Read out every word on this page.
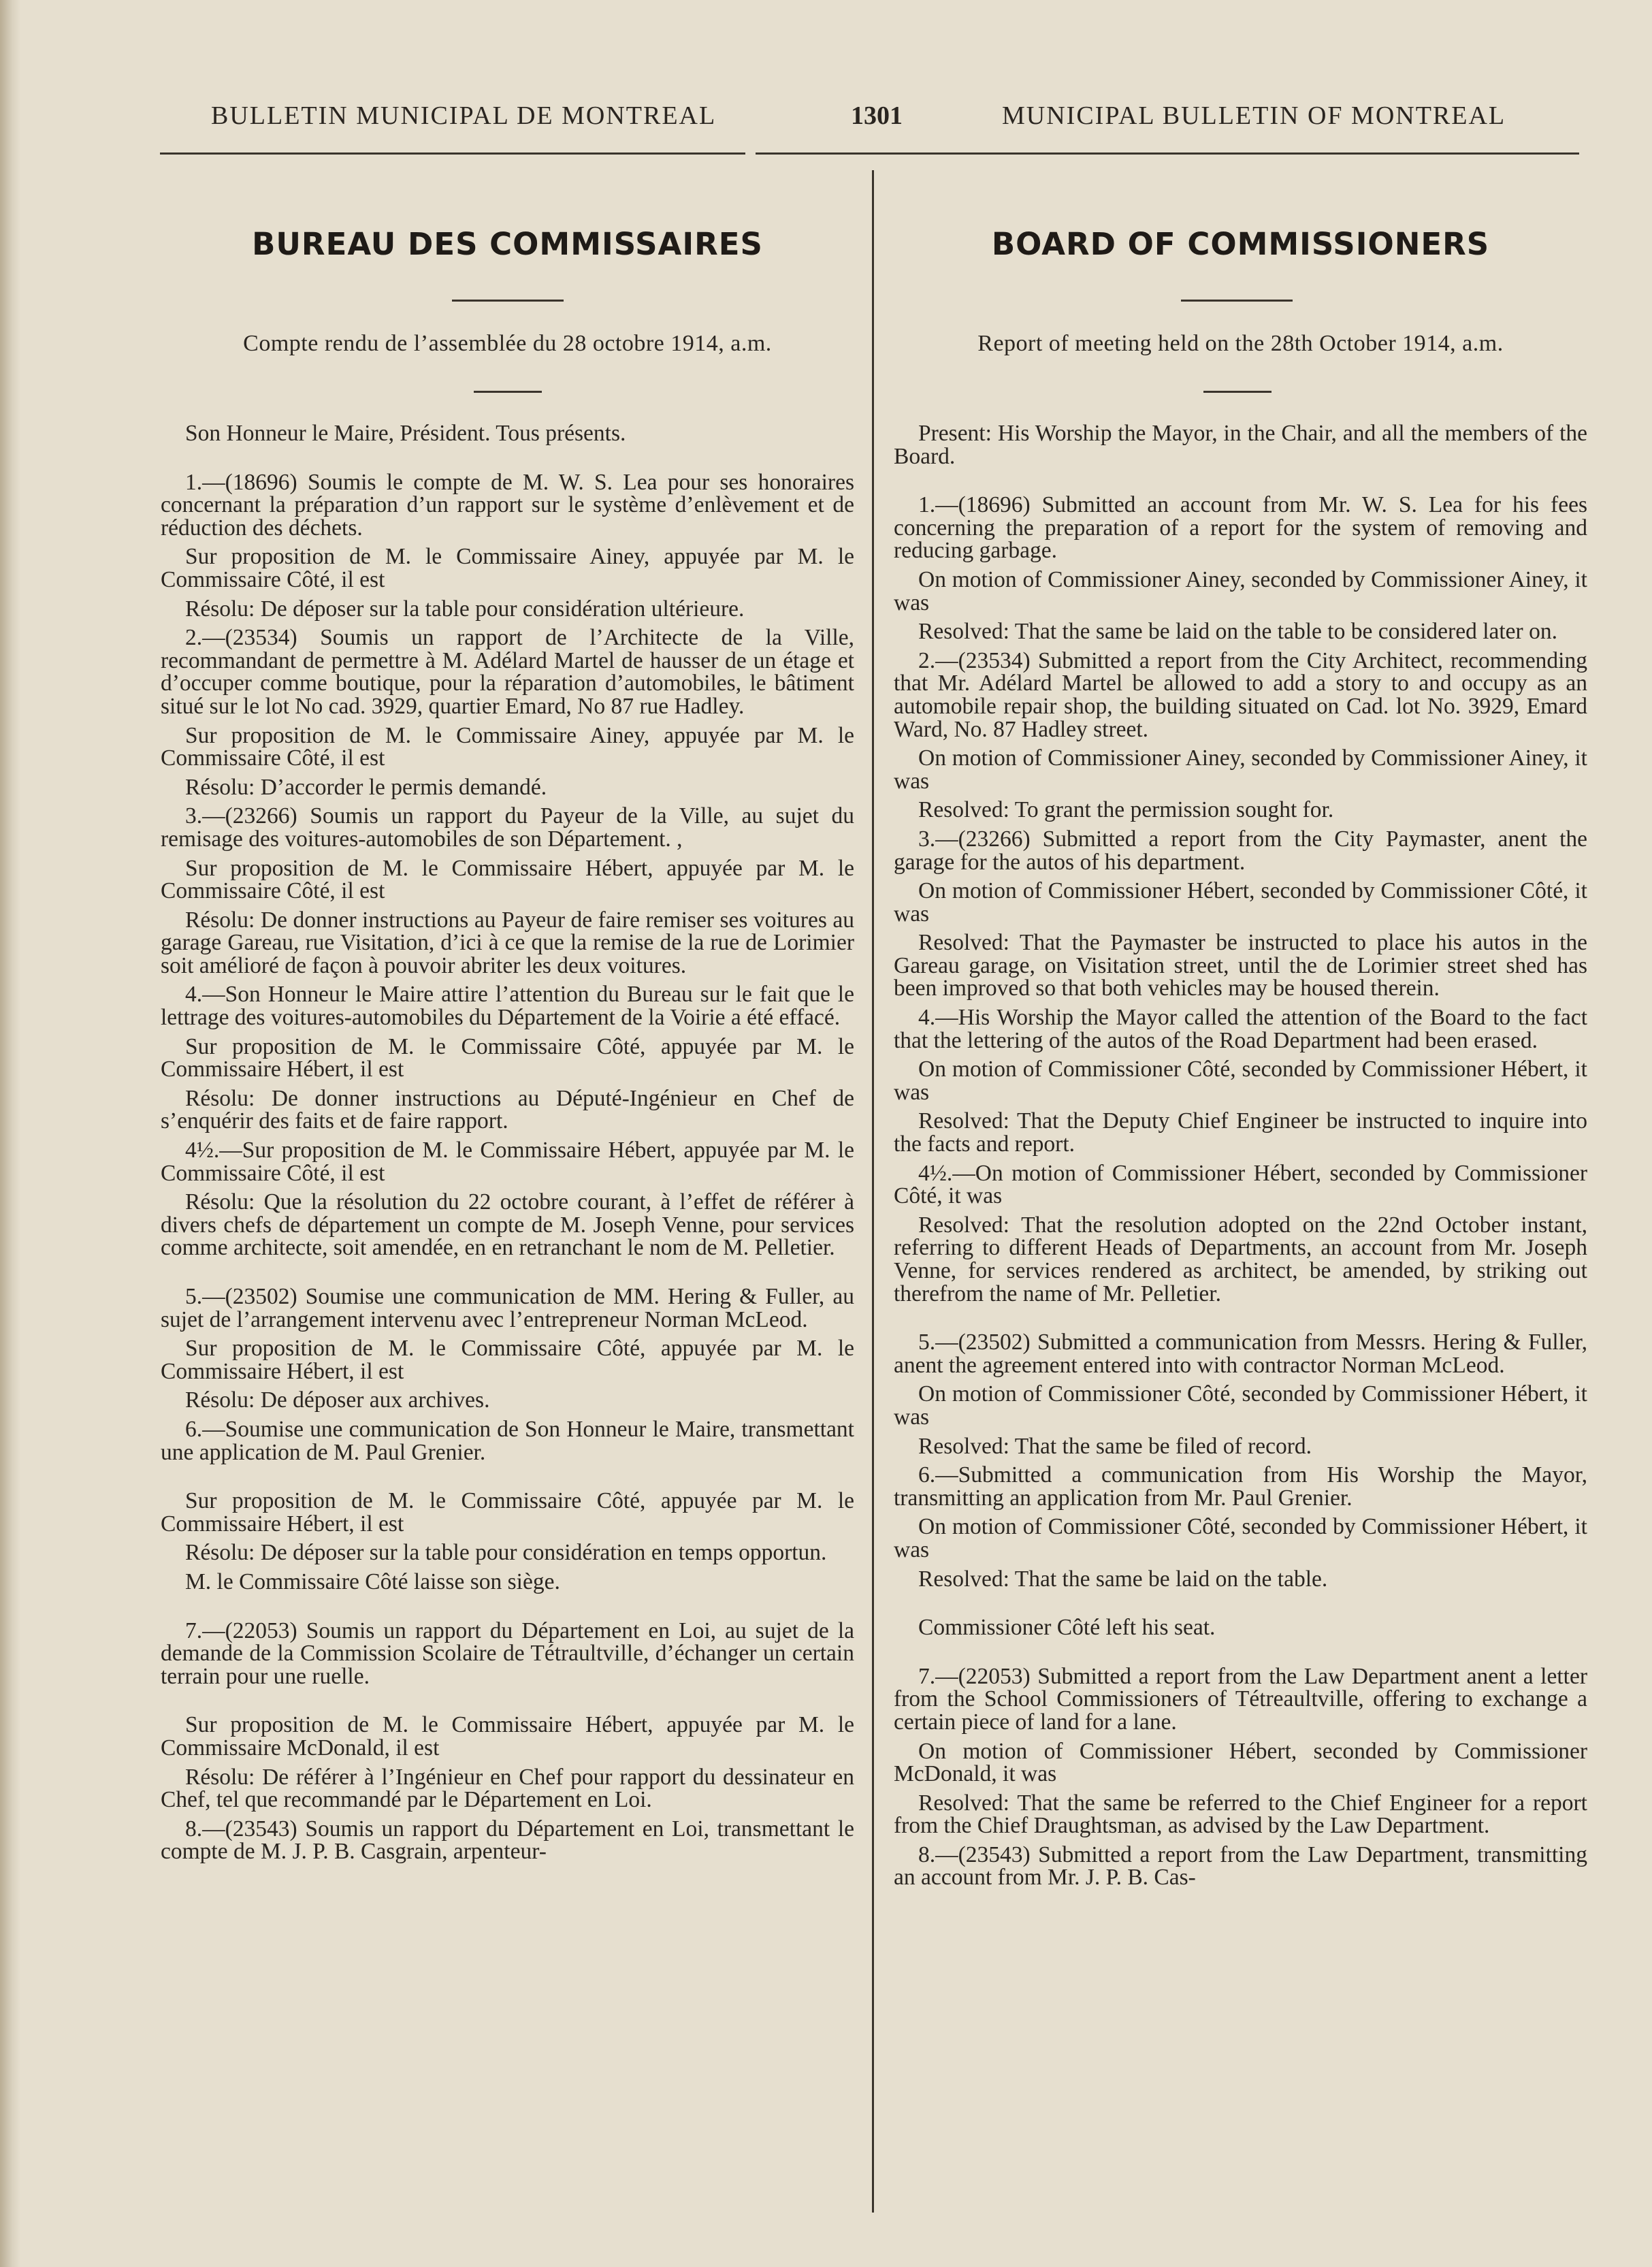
BULLETIN MUNICIPAL DE MONTREAL	1301	MUNICIPAL BULLETIN OF MONTREAL
BUREAU DES COMMISSAIRES
Compte rendu de l’assemblée du 28 octobre 1914, a.m.

Son Honneur le Maire, Président. Tous présents.

1.—(18696) Soumis le compte de M. W. S. Lea pour ses honoraires concernant la préparation d’un rapport sur le système d’enlèvement et de réduction des déchets.

Sur proposition de M. le Commissaire Ainey, appuyée par M. le Commissaire Côté, il est

Résolu: De déposer sur la table pour considération ultérieure.

2.—(23534) Soumis un rapport de l’Architecte de la Ville, recommandant de permettre à M. Adélard Martel de hausser de un étage et d’occuper comme boutique, pour la réparation d’automobiles, le bâtiment situé sur le lot No cad. 3929, quartier Emard, No 87 rue Hadley.

Sur proposition de M. le Commissaire Ainey, appuyée par M. le Commissaire Côté, il est

Résolu: D’accorder le permis demandé.

3.—(23266) Soumis un rapport du Payeur de la Ville, au sujet du remisage des voitures-automobiles de son Département. ,

Sur proposition de M. le Commissaire Hébert, appuyée par M. le Commissaire Côté, il est

Résolu: De donner instructions au Payeur de faire remiser ses voitures au garage Gareau, rue Visitation, d’ici à ce que la remise de la rue de Lorimier soit amélioré de façon à pouvoir abriter les deux voitures.

4.—Son Honneur le Maire attire l’attention du Bureau sur le fait que le lettrage des voitures-automobiles du Département de la Voirie a été effacé.

Sur proposition de M. le Commissaire Côté, appuyée par M. le Commissaire Hébert, il est

Résolu: De donner instructions au Député-Ingénieur en Chef de s’enquérir des faits et de faire rapport.

4½.—Sur proposition de M. le Commissaire Hébert, appuyée par M. le Commissaire Côté, il est

Résolu: Que la résolution du 22 octobre courant, à l’effet de référer à divers chefs de département un compte de M. Joseph Venne, pour services comme architecte, soit amendée, en en retranchant le nom de M. Pelletier.

5.—(23502) Soumise une communication de MM. Hering & Fuller, au sujet de l’arrangement intervenu avec l’entrepreneur Norman McLeod.

Sur proposition de M. le Commissaire Côté, appuyée par M. le Commissaire Hébert, il est

Résolu: De déposer aux archives.

6.—Soumise une communication de Son Honneur le Maire, transmettant une application de M. Paul Grenier.

Sur proposition de M. le Commissaire Côté, appuyée par M. le Commissaire Hébert, il est

Résolu: De déposer sur la table pour considération en temps opportun.

M. le Commissaire Côté laisse son siège.

7.—(22053) Soumis un rapport du Département en Loi, au sujet de la demande de la Commission Scolaire de Tétraultville, d’échanger un certain terrain pour une ruelle.

Sur proposition de M. le Commissaire Hébert, appuyée par M. le Commissaire McDonald, il est

Résolu: De référer à l’Ingénieur en Chef pour rapport du dessinateur en Chef, tel que recommandé par le Département en Loi.

8.—(23543) Soumis un rapport du Département en Loi, transmettant le compte de M. J. P. B. Casgrain, arpenteur-

BOARD OF COMMISSIONERS
Report of meeting held on the 28th October 1914, a.m.

Present: His Worship the Mayor, in the Chair, and all the members of the Board.

1.—(18696) Submitted an account from Mr. W. S. Lea for his fees concerning the preparation of a report for the system of removing and reducing garbage.

On motion of Commissioner Ainey, seconded by Commissioner Ainey, it was

Resolved: That the same be laid on the table to be considered later on.

2.—(23534) Submitted a report from the City Architect, recommending that Mr. Adélard Martel be allowed to add a story to and occupy as an automobile repair shop, the building situated on Cad. lot No. 3929, Emard Ward, No. 87 Hadley street.

On motion of Commissioner Ainey, seconded by Commissioner Ainey, it was

Resolved: To grant the permission sought for.

3.—(23266) Submitted a report from the City Paymaster, anent the garage for the autos of his department.

On motion of Commissioner Hébert, seconded by Commissioner Côté, it was

Resolved: That the Paymaster be instructed to place his autos in the Gareau garage, on Visitation street, until the de Lorimier street shed has been improved so that both vehicles may be housed therein.

4.—His Worship the Mayor called the attention of the Board to the fact that the lettering of the autos of the Road Department had been erased.

On motion of Commissioner Côté, seconded by Commissioner Hébert, it was

Resolved: That the Deputy Chief Engineer be instructed to inquire into the facts and report.

4½.—On motion of Commissioner Hébert, seconded by Commissioner Côté, it was

Resolved: That the resolution adopted on the 22nd October instant, referring to different Heads of Departments, an account from Mr. Joseph Venne, for services rendered as architect, be amended, by striking out therefrom the name of Mr. Pelletier.

5.—(23502) Submitted a communication from Messrs. Hering & Fuller, anent the agreement entered into with contractor Norman McLeod.

On motion of Commissioner Côté, seconded by Commissioner Hébert, it was

Resolved: That the same be filed of record.

6.—Submitted a communication from His Worship the Mayor, transmitting an application from Mr. Paul Grenier.

On motion of Commissioner Côté, seconded by Commissioner Hébert, it was

Resolved: That the same be laid on the table.

Commissioner Côté left his seat.

7.—(22053) Submitted a report from the Law Department anent a letter from the School Commissioners of Tétreaultville, offering to exchange a certain piece of land for a lane.

On motion of Commissioner Hébert, seconded by Commissioner McDonald, it was

Resolved: That the same be referred to the Chief Engineer for a report from the Chief Draughtsman, as advised by the Law Department.

8.—(23543) Submitted a report from the Law Department, transmitting an account from Mr. J. P. B. Cas-
